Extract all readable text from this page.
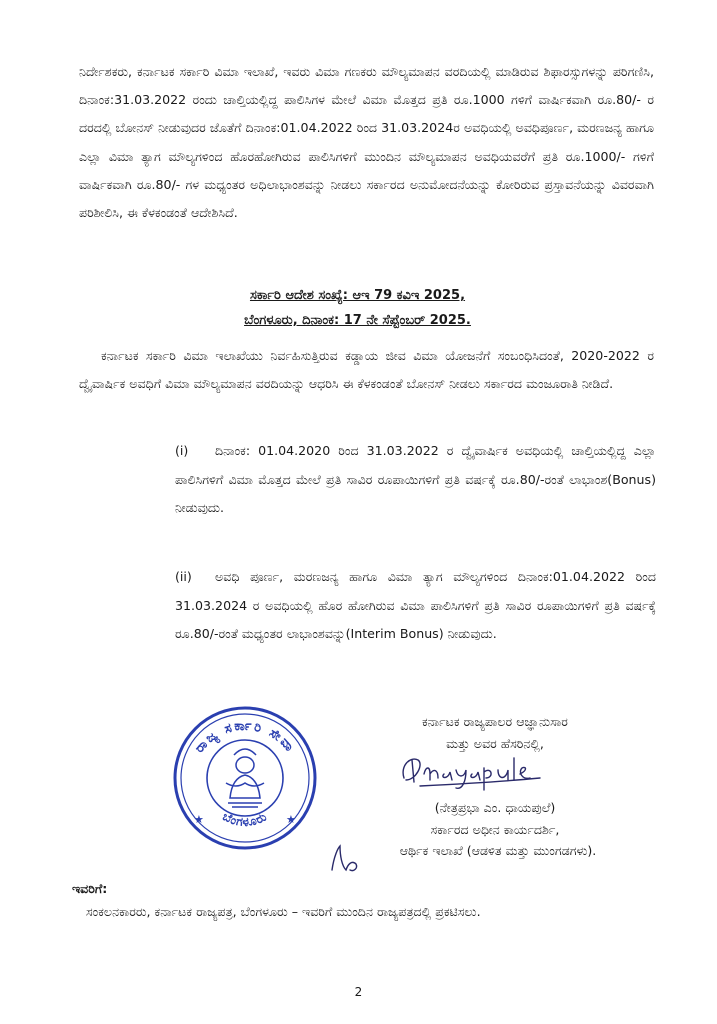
ನಿರ್ದೇಶಕರು, ಕರ್ನಾಟಕ ಸರ್ಕಾರಿ ವಿಮಾ ಇಲಾಖೆ, ಇವರು ವಿಮಾ ಗಣಕರು ಮೌಲ್ಯಮಾಪನ ವರದಿಯಲ್ಲಿ ಮಾಡಿರುವ ಶಿಫಾರಸ್ಸುಗಳನ್ನು ಪರಿಗಣಿಸಿ, ದಿನಾಂಕ:31.03.2022 ರಂದು ಚಾಲ್ತಿಯಲ್ಲಿದ್ದ ಪಾಲಿಸಿಗಳ ಮೇಲೆ ವಿಮಾ ಮೊತ್ತದ ಪ್ರತಿ ರೂ.1000 ಗಳಿಗೆ ವಾರ್ಷಿಕವಾಗಿ ರೂ.80/- ರ ದರದಲ್ಲಿ ಬೋನಸ್ ನೀಡುವುದರ ಜೊತೆಗೆ ದಿನಾಂಕ:01.04.2022 ರಿಂದ 31.03.2024ರ ಅವಧಿಯಲ್ಲಿ ಅವಧಿಪೂರ್ಣ, ಮರಣಜನ್ಯ ಹಾಗೂ ಎಲ್ಲಾ ವಿಮಾ ತ್ಯಾಗ ಮೌಲ್ಯಗಳಿಂದ ಹೊರಹೋಗಿರುವ ಪಾಲಿಸಿಗಳಿಗೆ ಮುಂದಿನ ಮೌಲ್ಯಮಾಪನ ಅವಧಿಯವರೆಗೆ ಪ್ರತಿ ರೂ.1000/- ಗಳಿಗೆ ವಾರ್ಷಿಕವಾಗಿ ರೂ.80/- ಗಳ ಮಧ್ಯಂತರ ಅಧಿಲಾಭಾಂಶವನ್ನು ನೀಡಲು ಸರ್ಕಾರದ ಅನುಮೋದನೆಯನ್ನು ಕೋರಿರುವ ಪ್ರಸ್ತಾವನೆಯನ್ನು ವಿವರವಾಗಿ ಪರಿಶೀಲಿಸಿ, ಈ ಕೆಳಕಂಡಂತೆ ಆದೇಶಿಸಿದೆ.

ಸರ್ಕಾರಿ ಆದೇಶ ಸಂಖ್ಯೆ: ಆಇ 79 ಕವಿಇ 2025,
ಬೆಂಗಳೂರು, ದಿನಾಂಕ: 17 ನೇ ಸೆಪ್ಟೆಂಬರ್ 2025.

ಕರ್ನಾಟಕ ಸರ್ಕಾರಿ ವಿಮಾ ಇಲಾಖೆಯು ನಿರ್ವಹಿಸುತ್ತಿರುವ ಕಡ್ಡಾಯ ಜೀವ ವಿಮಾ ಯೋಜನೆಗೆ ಸಂಬಂಧಿಸಿದಂತೆ, 2020-2022 ರ ದ್ವೈವಾರ್ಷಿಕ ಅವಧಿಗೆ ವಿಮಾ ಮೌಲ್ಯಮಾಪನ ವರದಿಯನ್ನು ಆಧರಿಸಿ ಈ ಕೆಳಕಂಡಂತೆ ಬೋನಸ್ ನೀಡಲು ಸರ್ಕಾರದ ಮಂಜೂರಾತಿ ನೀಡಿದೆ.

(i) ದಿನಾಂಕ: 01.04.2020 ರಿಂದ 31.03.2022 ರ ದ್ವೈವಾರ್ಷಿಕ ಅವಧಿಯಲ್ಲಿ ಚಾಲ್ತಿಯಲ್ಲಿದ್ದ ಎಲ್ಲಾ ಪಾಲಿಸಿಗಳಿಗೆ ವಿಮಾ ಮೊತ್ತದ ಮೇಲೆ ಪ್ರತಿ ಸಾವಿರ ರೂಪಾಯಿಗಳಿಗೆ ಪ್ರತಿ ವರ್ಷಕ್ಕೆ ರೂ.80/-ರಂತೆ ಲಾಭಾಂಶ(Bonus) ನೀಡುವುದು.
(ii) ಅವಧಿ ಪೂರ್ಣ, ಮರಣಜನ್ಯ ಹಾಗೂ ವಿಮಾ ತ್ಯಾಗ ಮೌಲ್ಯಗಳಿಂದ ದಿನಾಂಕ:01.04.2022 ರಿಂದ 31.03.2024 ರ ಅವಧಿಯಲ್ಲಿ ಹೊರ ಹೋಗಿರುವ ವಿಮಾ ಪಾಲಿಸಿಗಳಿಗೆ ಪ್ರತಿ ಸಾವಿರ ರೂಪಾಯಿಗಳಿಗೆ ಪ್ರತಿ ವರ್ಷಕ್ಕೆ ರೂ.80/-ರಂತೆ ಮಧ್ಯಂತರ ಲಾಭಾಂಶವನ್ನು(Interim Bonus) ನೀಡುವುದು.
ರಾಜ್ಯ ಸರ್ಕಾರಿ ಸೇವಾ
ಬೆಂಗಳೂರು
★	★
ಕರ್ನಾಟಕ ರಾಜ್ಯಪಾಲರ ಆಜ್ಞಾನುಸಾರ
ಮತ್ತು ಅವರ ಹೆಸರಿನಲ್ಲಿ,
(ನೇತ್ರಪ್ರಭಾ ಎಂ. ಧಾಯಪುಲೆ)
ಸರ್ಕಾರದ ಅಧೀನ ಕಾರ್ಯದರ್ಶಿ,
ಆರ್ಥಿಕ ಇಲಾಖೆ (ಆಡಳಿತ ಮತ್ತು ಮುಂಗಡಗಳು).
ಇವರಿಗೆ:
ಸಂಕಲನಕಾರರು, ಕರ್ನಾಟಕ ರಾಜ್ಯಪತ್ರ, ಬೆಂಗಳೂರು – ಇವರಿಗೆ ಮುಂದಿನ ರಾಜ್ಯಪತ್ರದಲ್ಲಿ ಪ್ರಕಟಿಸಲು.
2
